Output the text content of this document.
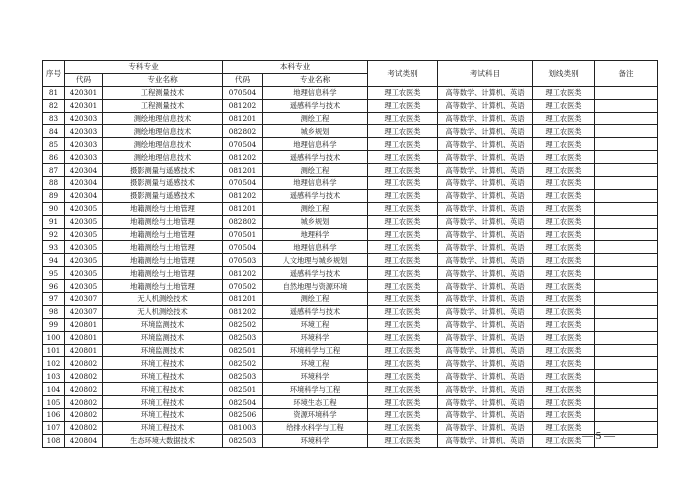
序号	专科专业		本科专业		考试类别	考试科目	划线类别	备注
	代码	专业名称	代码	专业名称				
81	420301	工程测量技术	070504	地理信息科学	理工农医类	高等数学、计算机、英语	理工农医类	
82	420301	工程测量技术	081202	遥感科学与技术	理工农医类	高等数学、计算机、英语	理工农医类	
83	420303	测绘地理信息技术	081201	测绘工程	理工农医类	高等数学、计算机、英语	理工农医类	
84	420303	测绘地理信息技术	082802	城乡规划	理工农医类	高等数学、计算机、英语	理工农医类	
85	420303	测绘地理信息技术	070504	地理信息科学	理工农医类	高等数学、计算机、英语	理工农医类	
86	420303	测绘地理信息技术	081202	遥感科学与技术	理工农医类	高等数学、计算机、英语	理工农医类	
87	420304	摄影测量与遥感技术	081201	测绘工程	理工农医类	高等数学、计算机、英语	理工农医类	
88	420304	摄影测量与遥感技术	070504	地理信息科学	理工农医类	高等数学、计算机、英语	理工农医类	
89	420304	摄影测量与遥感技术	081202	遥感科学与技术	理工农医类	高等数学、计算机、英语	理工农医类	
90	420305	地籍测绘与土地管理	081201	测绘工程	理工农医类	高等数学、计算机、英语	理工农医类	
91	420305	地籍测绘与土地管理	082802	城乡规划	理工农医类	高等数学、计算机、英语	理工农医类	
92	420305	地籍测绘与土地管理	070501	地理科学	理工农医类	高等数学、计算机、英语	理工农医类	
93	420305	地籍测绘与土地管理	070504	地理信息科学	理工农医类	高等数学、计算机、英语	理工农医类	
94	420305	地籍测绘与土地管理	070503	人文地理与城乡规划	理工农医类	高等数学、计算机、英语	理工农医类	
95	420305	地籍测绘与土地管理	081202	遥感科学与技术	理工农医类	高等数学、计算机、英语	理工农医类	
96	420305	地籍测绘与土地管理	070502	自然地理与资源环境	理工农医类	高等数学、计算机、英语	理工农医类	
97	420307	无人机测绘技术	081201	测绘工程	理工农医类	高等数学、计算机、英语	理工农医类	
98	420307	无人机测绘技术	081202	遥感科学与技术	理工农医类	高等数学、计算机、英语	理工农医类	
99	420801	环境监测技术	082502	环境工程	理工农医类	高等数学、计算机、英语	理工农医类	
100	420801	环境监测技术	082503	环境科学	理工农医类	高等数学、计算机、英语	理工农医类	
101	420801	环境监测技术	082501	环境科学与工程	理工农医类	高等数学、计算机、英语	理工农医类	
102	420802	环境工程技术	082502	环境工程	理工农医类	高等数学、计算机、英语	理工农医类	
103	420802	环境工程技术	082503	环境科学	理工农医类	高等数学、计算机、英语	理工农医类	
104	420802	环境工程技术	082501	环境科学与工程	理工农医类	高等数学、计算机、英语	理工农医类	
105	420802	环境工程技术	082504	环境生态工程	理工农医类	高等数学、计算机、英语	理工农医类	
106	420802	环境工程技术	082506	资源环境科学	理工农医类	高等数学、计算机、英语	理工农医类	
107	420802	环境工程技术	081003	给排水科学与工程	理工农医类	高等数学、计算机、英语	理工农医类	
108	420804	生态环境大数据技术	082503	环境科学	理工农医类	高等数学、计算机、英语	理工农医类	— 5 —
